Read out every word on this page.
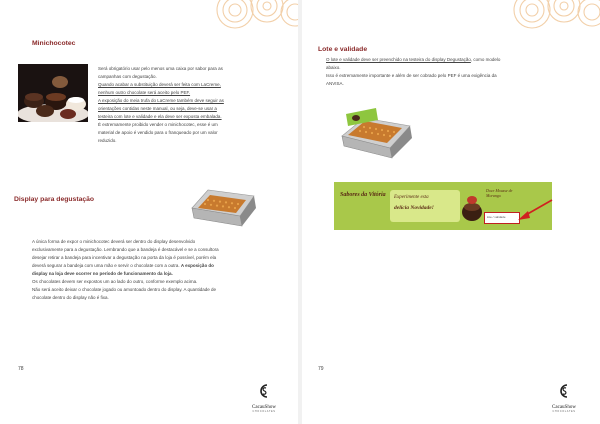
Minichocotec

Será obrigatório usar pelo menos uma caixa por sabor para as

campanhas com degustação.

Quando acabar a substituição deverá ser feita com LaCreme,

nenhum outro chocolate será aceito pelo PEF.

A exposição do meia trufa do LaCreme também deve seguir as

orientações contidas neste manual, ou seja, deve-se usar a

testeira com lote e validade e ela deve ser exposta embalada.

É extremamente proibido vender o minichocotec, esse é um

material de apoio é vendido para o franqueado por um valor

reduzido.

Display para degustação

A única forma de expor o minichocotec deverá ser dentro do display desenvolvido

exclusivamente para a degustação. Lembrando que a bandeja é destacável e se a consultora

desejar retirar a bandeja para incentivar a degustação na porta da loja é possível, porém ela

deverá segurar a bandeja com uma mão e servir o chocolate com a outra. A exposição do

display na loja deve ocorrer no período de funcionamento da loja.

Os chocolates devem ser expostos um ao lado do outro, conforme exemplo acima.

Não será aceito deixar o chocolate jogado ou amontoado dentro do display. A quantidade de

chocolate dentro do display não é fixa.

78
CacauShow
CHOCOLATES
Lote e validade

O lote e validade deve ser preenchido na testeira do display Degustação, como modelo

abaixo.

Isso é extremamente importante e além de ser cobrado pelo PEF é uma exigência da

ANVISA.

Sabores da Vitória Experimente esta
delícia Novidade!
Doce Mousse de Morango
lote / validade
79
CacauShow
CHOCOLATES
